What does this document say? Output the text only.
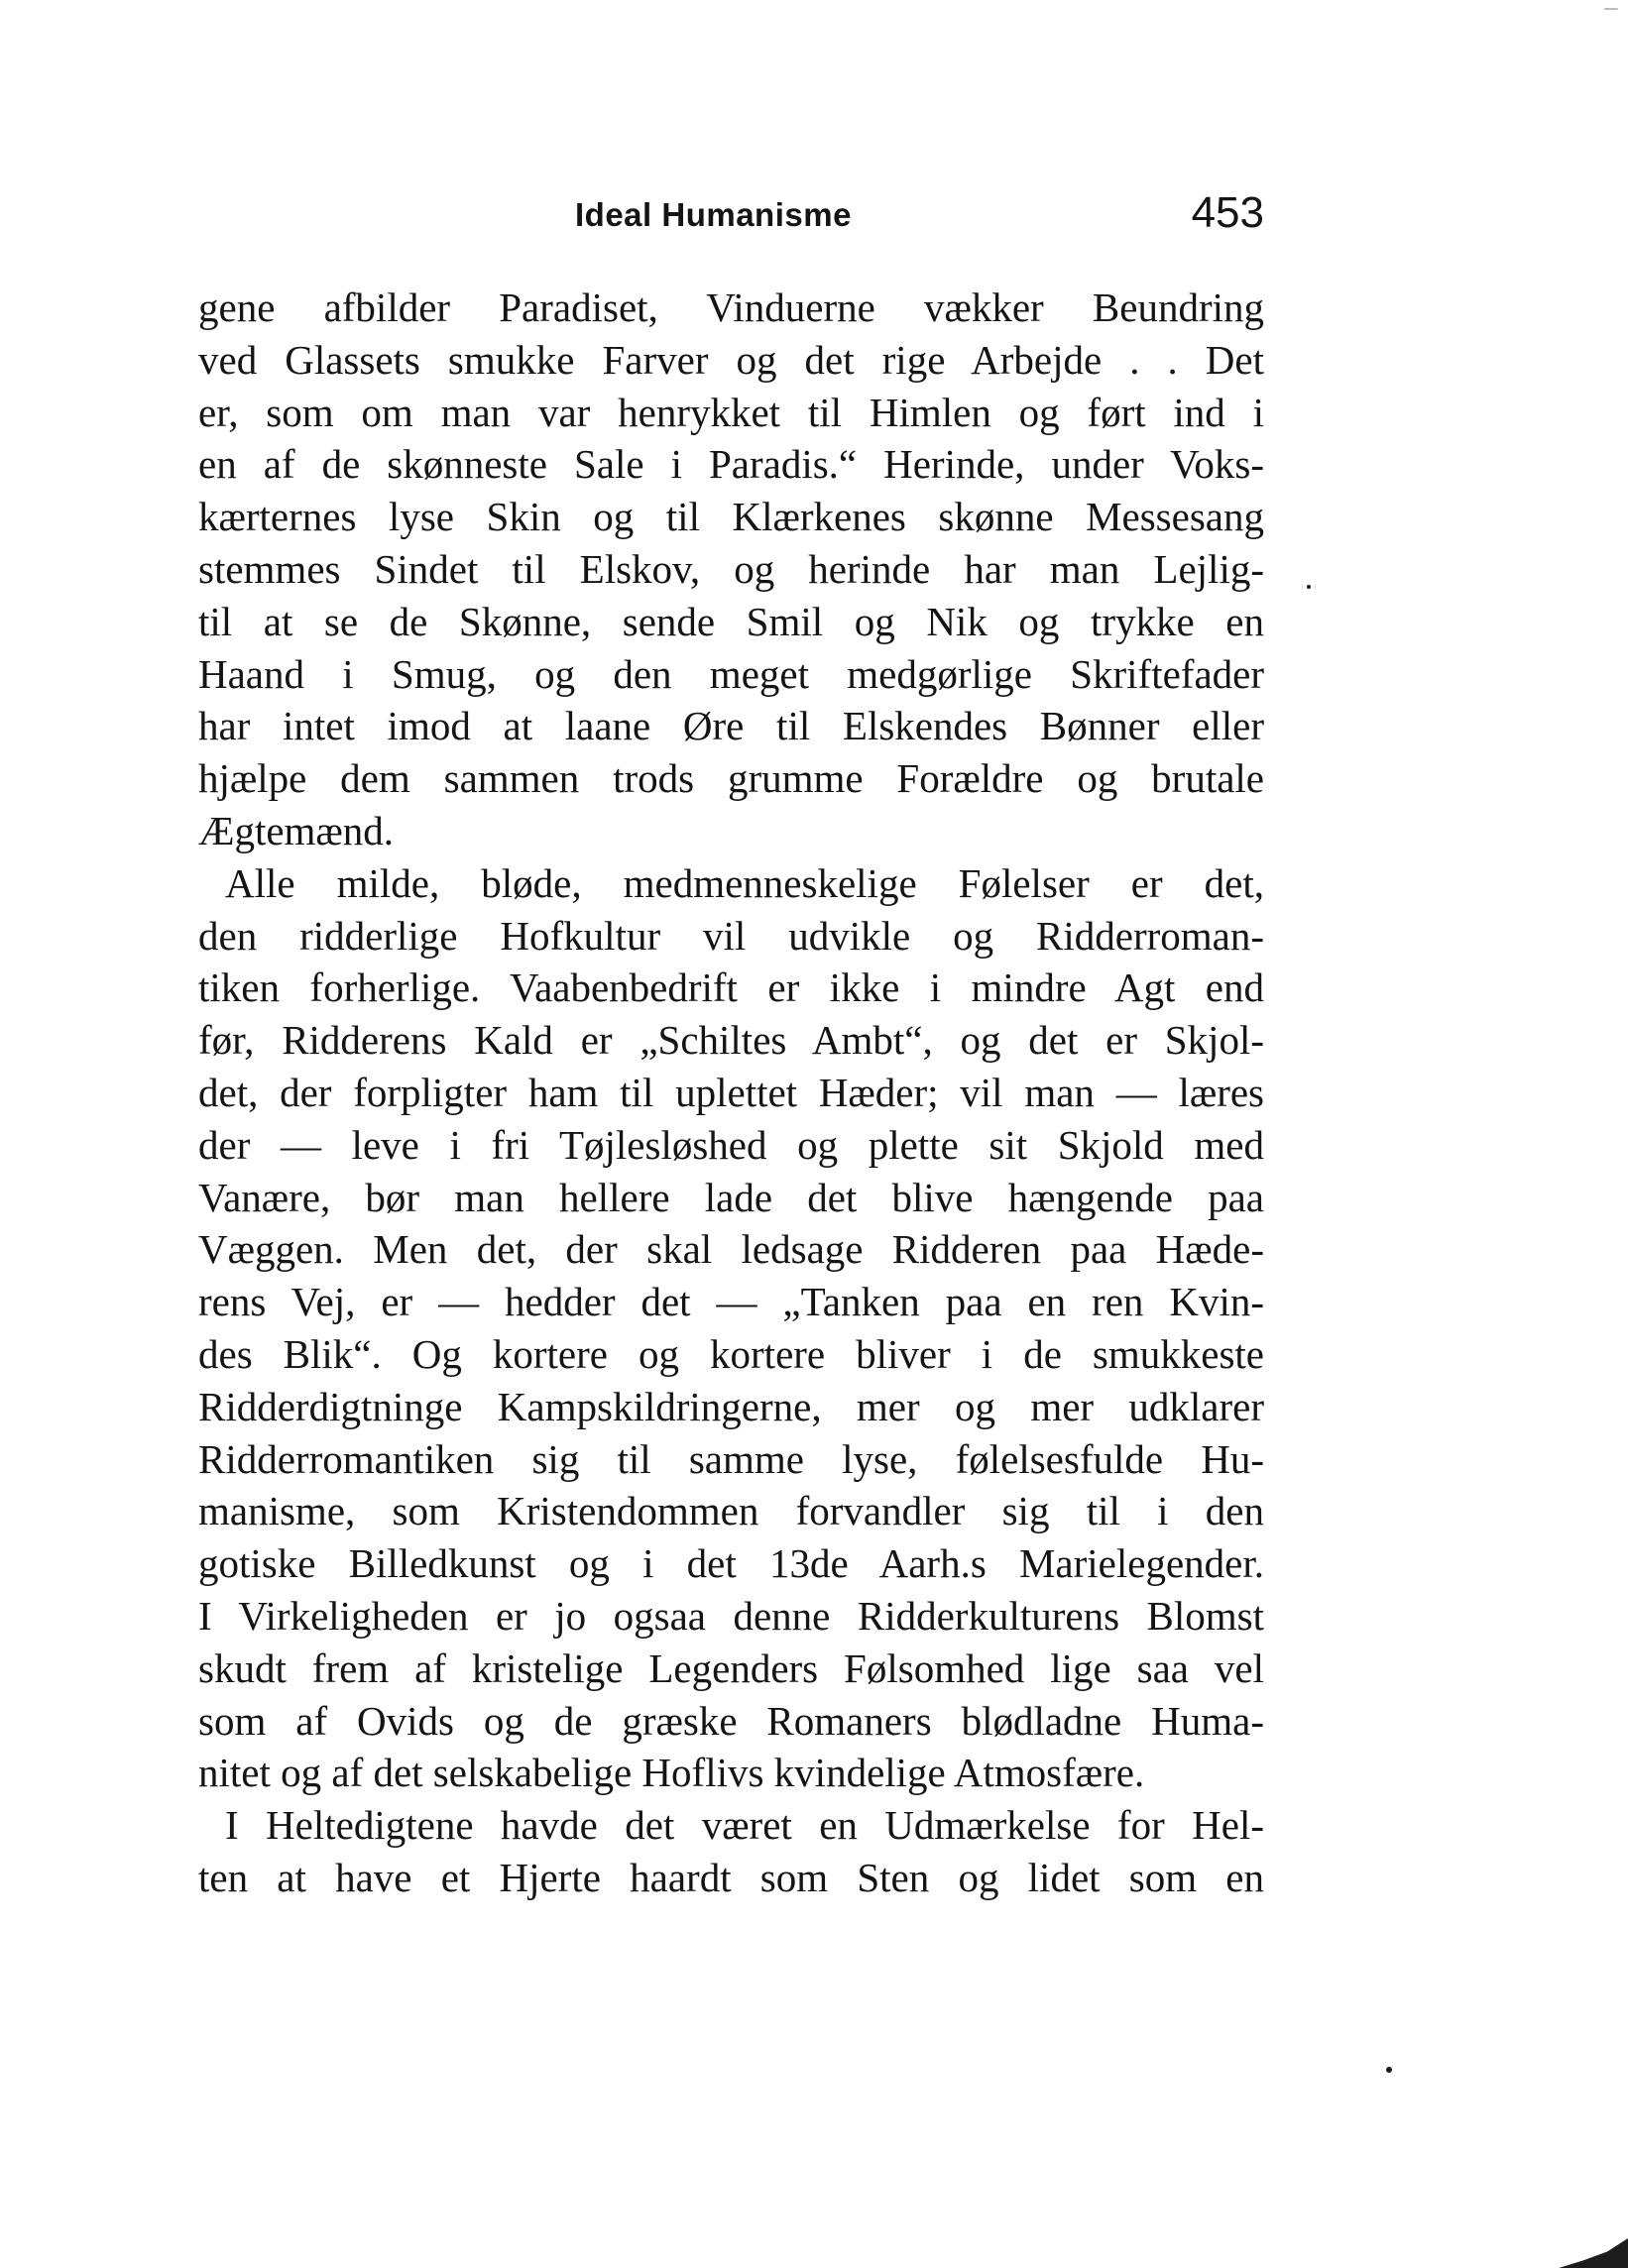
Ideal Humanisme	453
gene afbilder Paradiset, Vinduerne vækker Beundring
ved Glassets smukke Farver og det rige Arbejde . . Det
er, som om man var henrykket til Himlen og ført ind i
en af de skønneste Sale i Paradis.“ Herinde, under Voks-
kærternes lyse Skin og til Klærkenes skønne Messesang
stemmes Sindet til Elskov, og herinde har man Lejlig-
til at se de Skønne, sende Smil og Nik og trykke en
Haand i Smug, og den meget medgørlige Skriftefader
har intet imod at laane Øre til Elskendes Bønner eller
hjælpe dem sammen trods grumme Forældre og brutale
Ægtemænd.
Alle milde, bløde, medmenneskelige Følelser er det,
den ridderlige Hofkultur vil udvikle og Ridderroman-
tiken forherlige. Vaabenbedrift er ikke i mindre Agt end
før, Ridderens Kald er „Schiltes Ambt“, og det er Skjol-
det, der forpligter ham til uplettet Hæder; vil man — læres
der — leve i fri Tøjlesløshed og plette sit Skjold med
Vanære, bør man hellere lade det blive hængende paa
Væggen. Men det, der skal ledsage Ridderen paa Hæde-
rens Vej, er — hedder det — „Tanken paa en ren Kvin-
des Blik“. Og kortere og kortere bliver i de smukkeste
Ridderdigtninge Kampskildringerne, mer og mer udklarer
Ridderromantiken sig til samme lyse, følelsesfulde Hu-
manisme, som Kristendommen forvandler sig til i den
gotiske Billedkunst og i det 13de Aarh.s Marielegender.
I Virkeligheden er jo ogsaa denne Ridderkulturens Blomst
skudt frem af kristelige Legenders Følsomhed lige saa vel
som af Ovids og de græske Romaners blødladne Huma-
nitet og af det selskabelige Hoflivs kvindelige Atmosfære.
I Heltedigtene havde det været en Udmærkelse for Hel-
ten at have et Hjerte haardt som Sten og lidet som en
